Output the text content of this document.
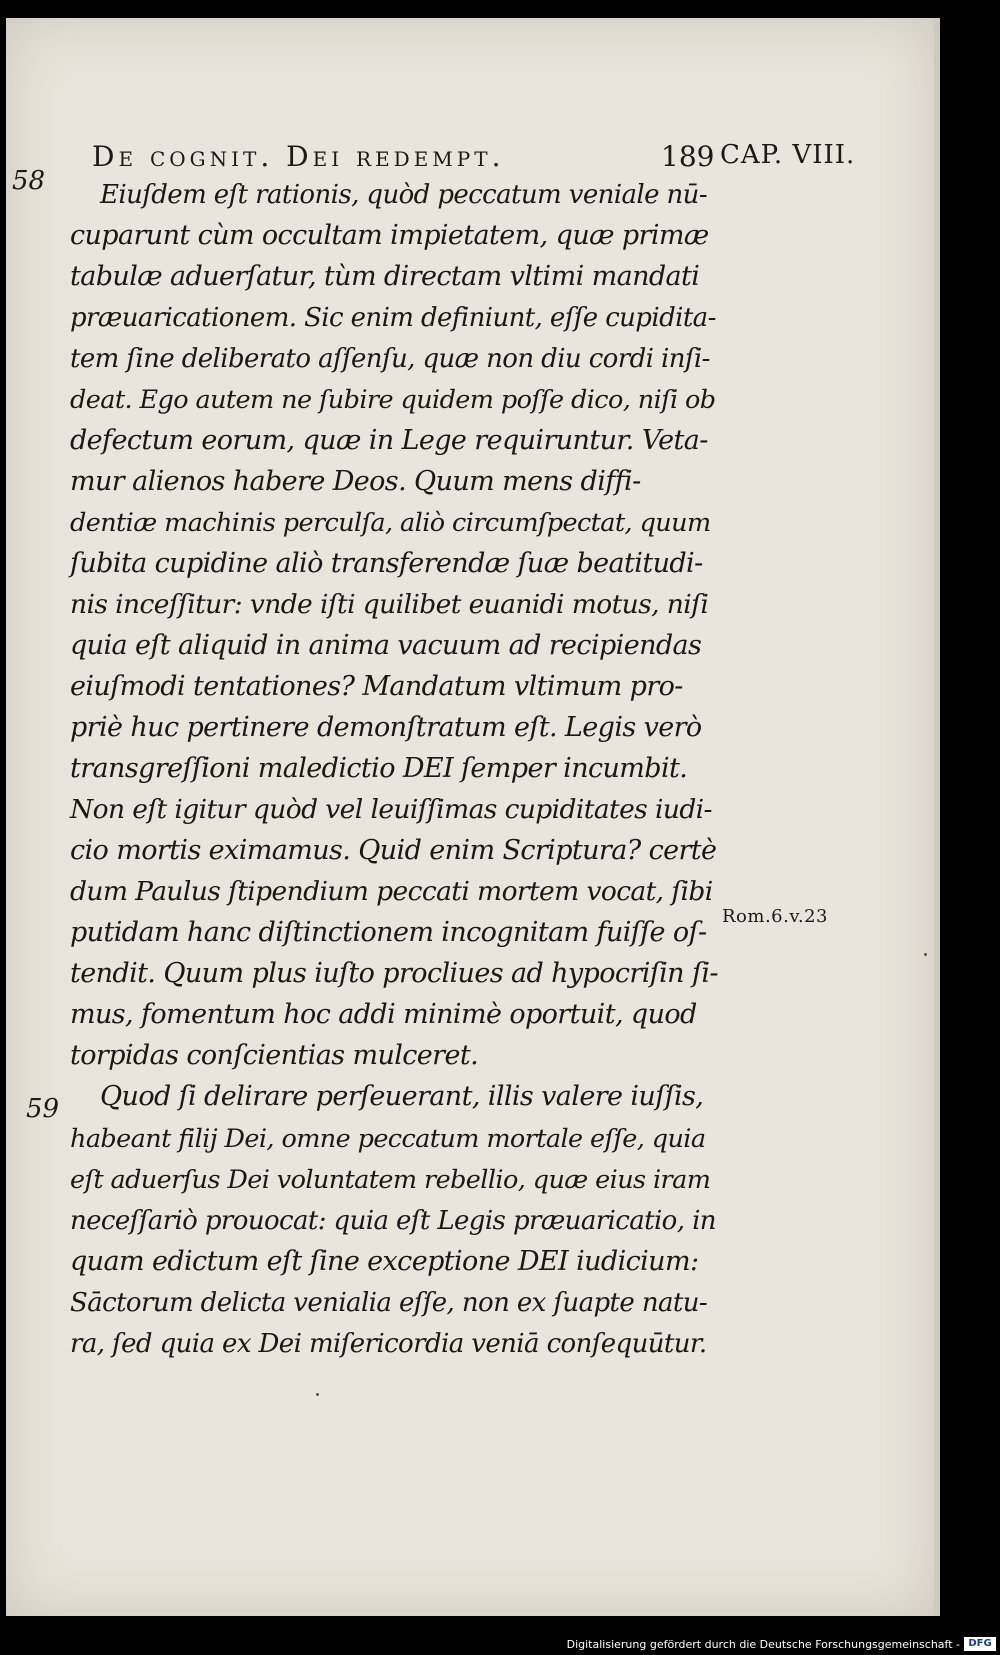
De cognit. Dei redempt.	189 CAP. VIII.
58
59
Eiuſdem eſt rationis, quòd peccatum veniale nū-
cuparunt cùm occultam impietatem, quæ primæ
tabulæ aduerſatur, tùm directam vltimi mandati
præuaricationem. Sic enim definiunt, eſſe cupidita-
tem ſine deliberato aſſenſu, quæ non diu cordi inſi-
deat. Ego autem ne ſubire quidem poſſe dico, niſi ob
defectum eorum, quæ in Lege requiruntur. Veta-
mur alienos habere Deos. Quum mens diffi-
dentiæ machinis perculſa, aliò circumſpectat, quum
ſubita cupidine aliò transferendæ ſuæ beatitudi-
nis inceſſitur: vnde iſti quilibet euanidi motus, niſi
quia eſt aliquid in anima vacuum ad recipiendas
eiuſmodi tentationes? Mandatum vltimum pro-
priè huc pertinere demonſtratum eſt. Legis verò
transgreſſioni maledictio DEI ſemper incumbit.
Non eſt igitur quòd vel leuiſſimas cupiditates iudi-
cio mortis eximamus. Quid enim Scriptura? certè
dum Paulus ſtipendium peccati mortem vocat, ſibi
putidam hanc diſtinctionem incognitam fuiſſe oſ-
tendit. Quum plus iuſto procliues ad hypocriſin ſi-
mus, fomentum hoc addi minimè oportuit, quod
torpidas conſcientias mulceret.
Quod ſi delirare perſeuerant, illis valere iuſſis,
habeant filij Dei, omne peccatum mortale eſſe, quia
eſt aduerſus Dei voluntatem rebellio, quæ eius iram
neceſſariò prouocat: quia eſt Legis præuaricatio, in
quam edictum eſt ſine exceptione DEI iudicium:
Sāctorum delicta venialia eſſe, non ex ſuapte natu-
ra, ſed quia ex Dei miſericordia veniā conſequūtur.
Rom.6.v.23
Digitalisierung gefördert durch die Deutsche Forschungsgemeinschaft - DFG
